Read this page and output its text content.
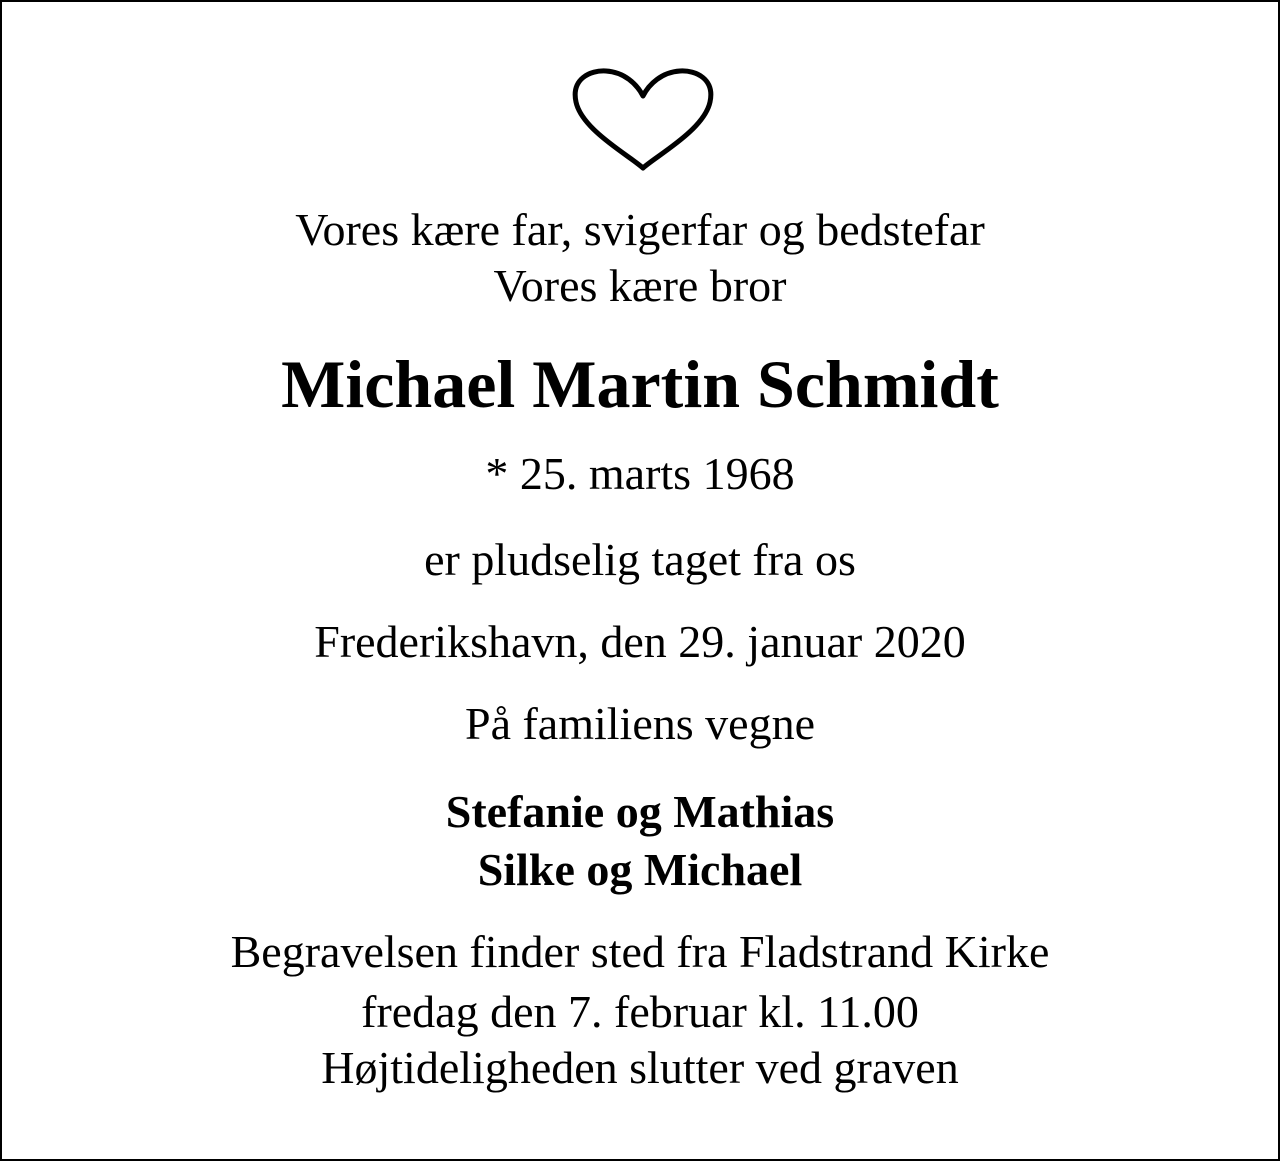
Vores kære far, svigerfar og bedstefar

Vores kære bror

Michael Martin Schmidt

* 25. marts 1968

er pludselig taget fra os

Frederikshavn, den 29. januar 2020

På familiens vegne

Stefanie og Mathias

Silke og Michael

Begravelsen finder sted fra Fladstrand Kirke

fredag den 7. februar kl. 11.00

Højtideligheden slutter ved graven
